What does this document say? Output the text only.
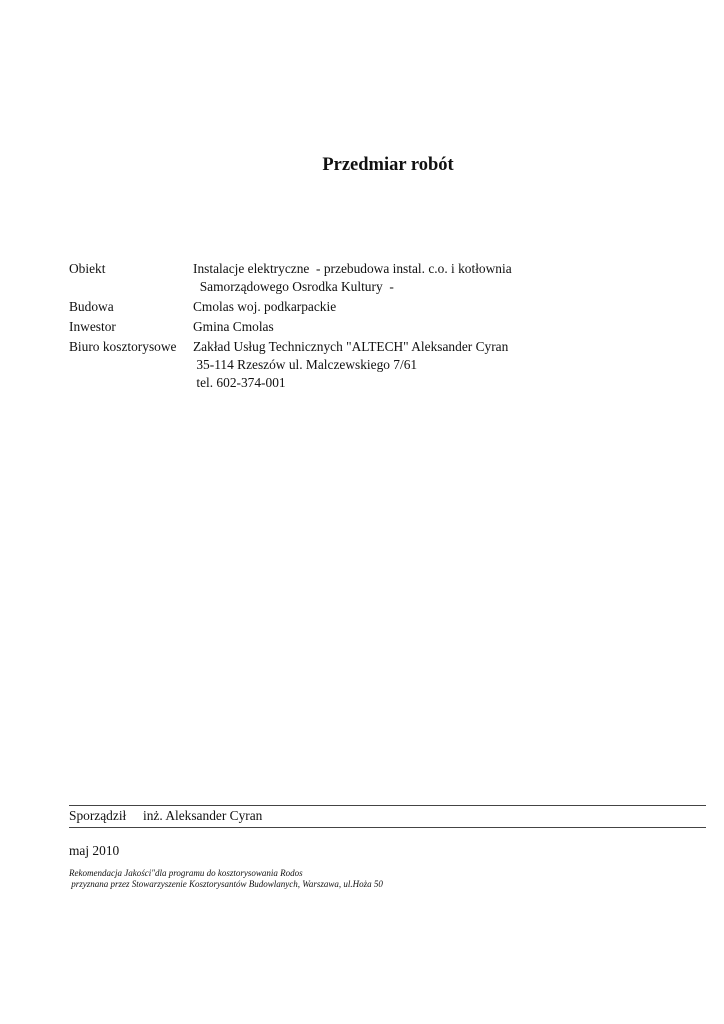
Przedmiar robót
Obiekt	Instalacje elektryczne  - przebudowa instal. c.o. i kotłownia
Samorządowego Osrodka Kultury  -
Budowa	Cmolas woj. podkarpackie
Inwestor	Gmina Cmolas
Biuro kosztorysowe	Zakład Usług Technicznych "ALTECH" Aleksander Cyran
35-114 Rzeszów ul. Malczewskiego 7/61
tel. 602-374-001
Sporządził	inż. Aleksander Cyran
maj 2010
Rekomendacja Jakości"dla programu do kosztorysowania Rodos
przyznana przez Stowarzyszenie Kosztorysantów Budowlanych, Warszawa, ul.Hoża 50
